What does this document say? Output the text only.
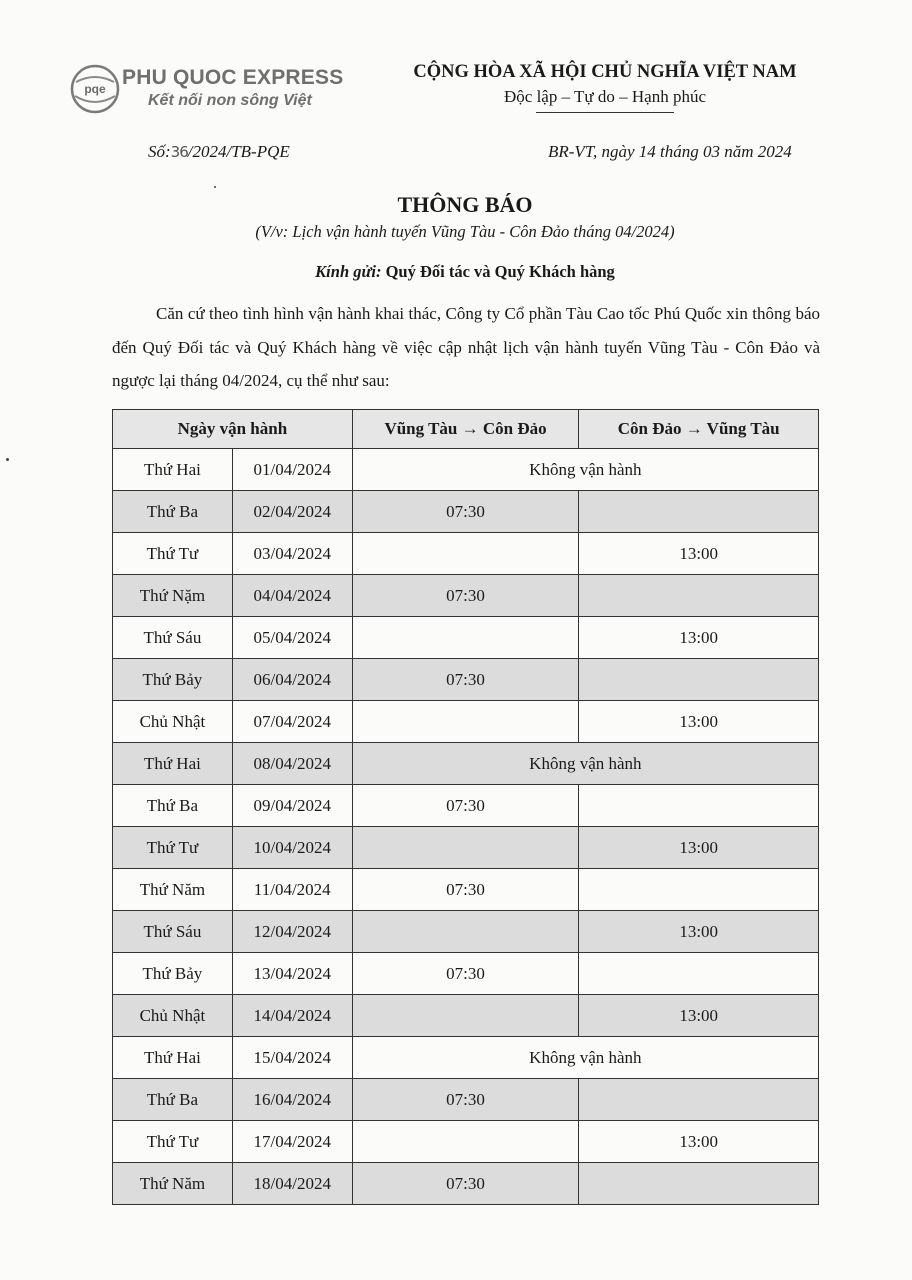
pqe PHU QUOC EXPRESS
Kết nối non sông Việt
CỘNG HÒA XÃ HỘI CHỦ NGHĨA VIỆT NAM
Độc lập – Tự do – Hạnh phúc
Số:36/2024/TB-PQE	BR-VT, ngày 14 tháng 03 năm 2024
THÔNG BÁO
(V/v: Lịch vận hành tuyến Vũng Tàu - Côn Đảo tháng 04/2024)
Kính gửi: Quý Đối tác và Quý Khách hàng
Căn cứ theo tình hình vận hành khai thác, Công ty Cổ phần Tàu Cao tốc Phú Quốc xin thông báo đến Quý Đối tác và Quý Khách hàng về việc cập nhật lịch vận hành tuyến Vũng Tàu - Côn Đảo và ngược lại tháng 04/2024, cụ thể như sau:
Ngày vận hành		Vũng Tàu → Côn Đảo	Côn Đảo → Vũng Tàu
Thứ Hai	01/04/2024	Không vận hành	
Thứ Ba	02/04/2024	07:30	
Thứ Tư	03/04/2024		13:00
Thứ Nặm	04/04/2024	07:30	
Thứ Sáu	05/04/2024		13:00
Thứ Bảy	06/04/2024	07:30	
Chủ Nhật	07/04/2024		13:00
Thứ Hai	08/04/2024	Không vận hành	
Thứ Ba	09/04/2024	07:30	
Thứ Tư	10/04/2024		13:00
Thứ Năm	11/04/2024	07:30	
Thứ Sáu	12/04/2024		13:00
Thứ Bảy	13/04/2024	07:30	
Chủ Nhật	14/04/2024		13:00
Thứ Hai	15/04/2024	Không vận hành	
Thứ Ba	16/04/2024	07:30	
Thứ Tư	17/04/2024		13:00
Thứ Năm	18/04/2024	07:30	
